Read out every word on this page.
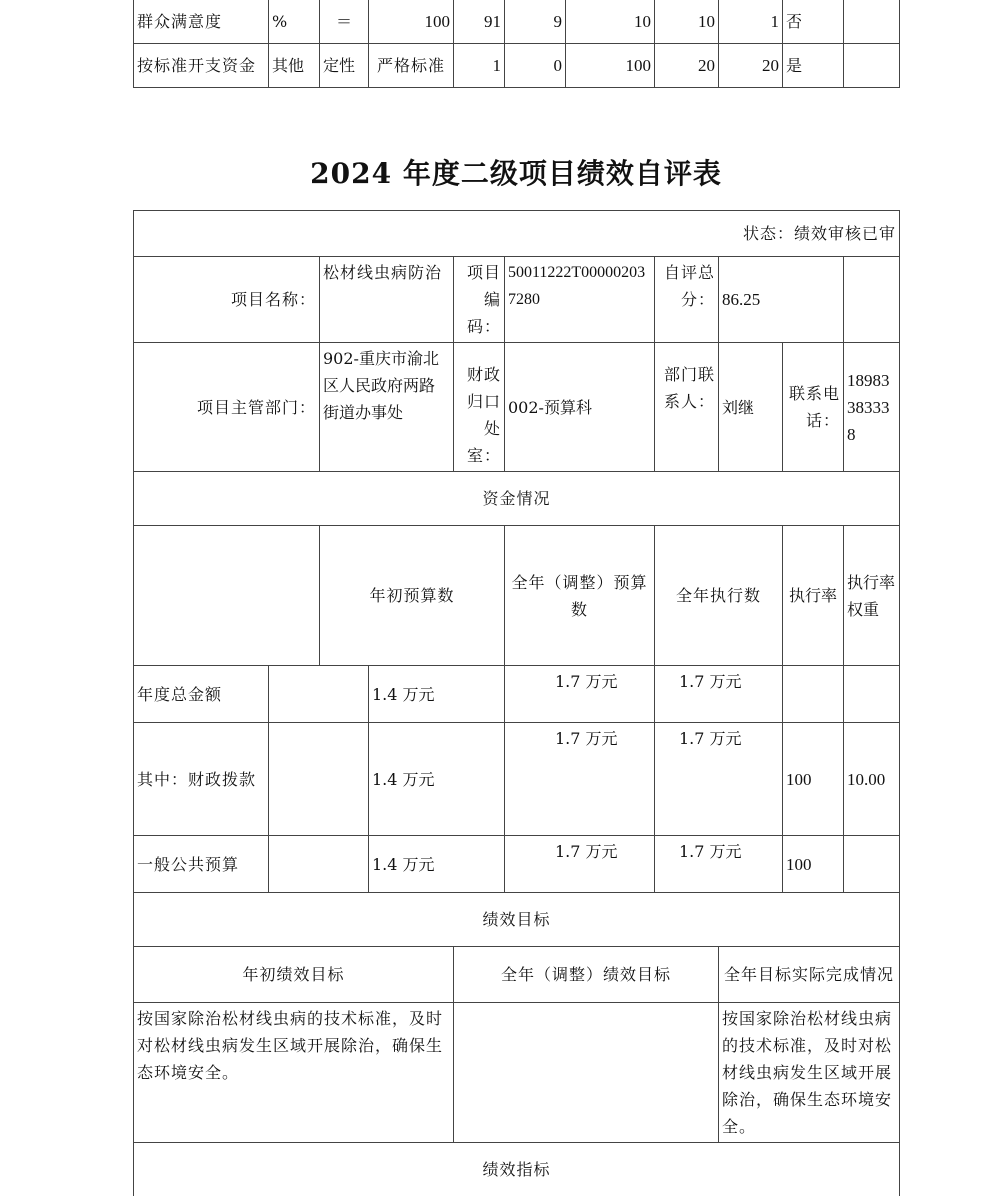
群众满意度	%	＝	100	91	9	10	10	1	否	
按标准开支资金	其他	定性	严格标准	1	0	100	20	20	是	
2024 年度二级项目绩效自评表
状态：绩效审核已审										
项目名称：		松材线虫病防治		项目编码：	50011222T000002037280	自评总分：	86.25			
项目主管部门：		902-重庆市渝北区人民政府两路街道办事处		财政归口处室：	002-预算科	部门联系人：	刘继	联系电话：	18983383338	
资金情况										
		年初预算数			全年（调整）预算数	全年执行数		执行率	执行率权重	
年度总金额			1.4 万元		1.7 万元	1.7 万元				
其中：财政拨款			1.4 万元		1.7 万元	1.7 万元		100	10.00	
一般公共预算			1.4 万元		1.7 万元	1.7 万元		100		
绩效目标										
年初绩效目标				全年（调整）绩效目标			全年目标实际完成情况			
按国家除治松材线虫病的技术标准，及时对松材线虫病发生区域开展除治，确保生态环境安全。							按国家除治松材线虫病的技术标准，及时对松材线虫病发生区域开展除治，确保生态环境安全。			
绩效指标										
